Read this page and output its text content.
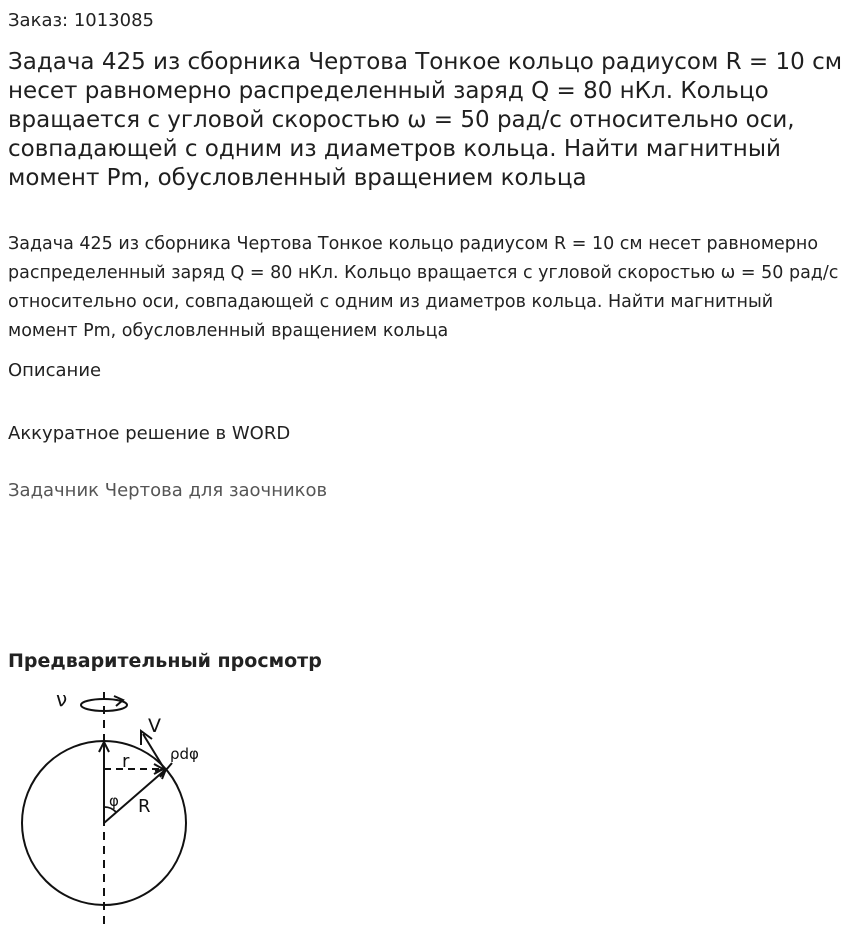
Заказ: 1013085
Задача 425 из сборника Чертова Тонкое кольцо радиусом R = 10 см несет равномерно распределенный заряд Q = 80 нКл. Кольцо вращается с угловой скоростью ω = 50 рад/с относительно оси, совпадающей с одним из диаметров кольца. Найти магнитный момент Pm, обусловленный вращением кольца

Задача 425 из сборника Чертова Тонкое кольцо радиусом R = 10 см несет равномерно распределенный заряд Q = 80 нКл. Кольцо вращается с угловой скоростью ω = 50 рад/с относительно оси, совпадающей с одним из диаметров кольца. Найти магнитный момент Pm, обусловленный вращением кольца

Описание
Аккуратное решение в WORD
Задачник Чертова для заочников
Предварительный просмотр
ν
V
ρdφ
r
φ R
